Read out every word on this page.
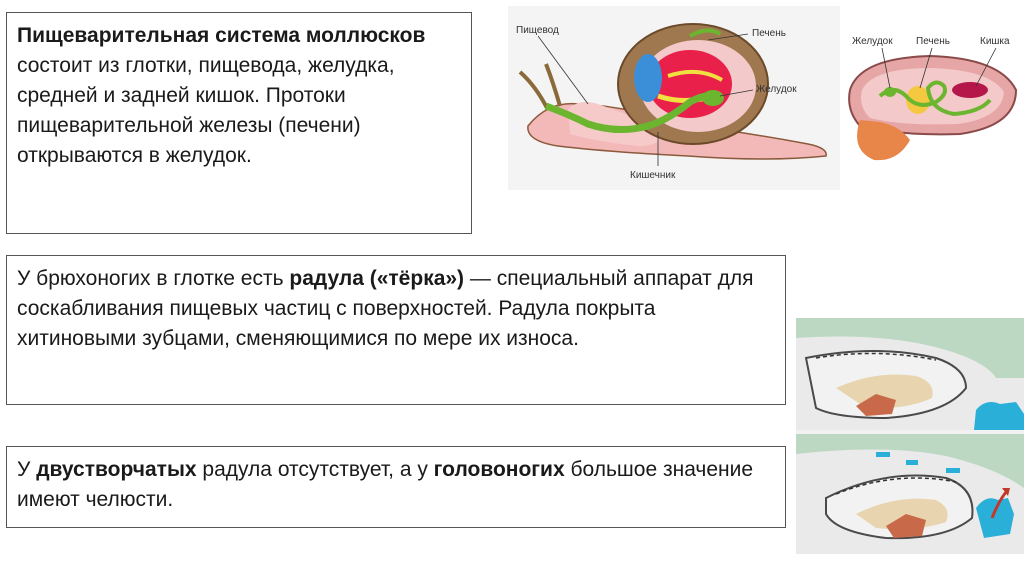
Пищеварительная система моллюсков состоит из глотки, пищевода, желудка, средней и задней кишок. Протоки пищеварительной железы (печени) открываются в желудок.
У брюхоногих в глотке есть радула («тёрка») — специальный аппарат для соскабливания пищевых частиц с поверхностей. Радула покрыта хитиновыми зубцами, сменяющимися по мере их износа.
У двустворчатых радула отсутствует, а у головоногих большое значение имеют челюсти.
Пищевод	Печень
Желудок
Кишечник
Желудок Печень	Кишка
